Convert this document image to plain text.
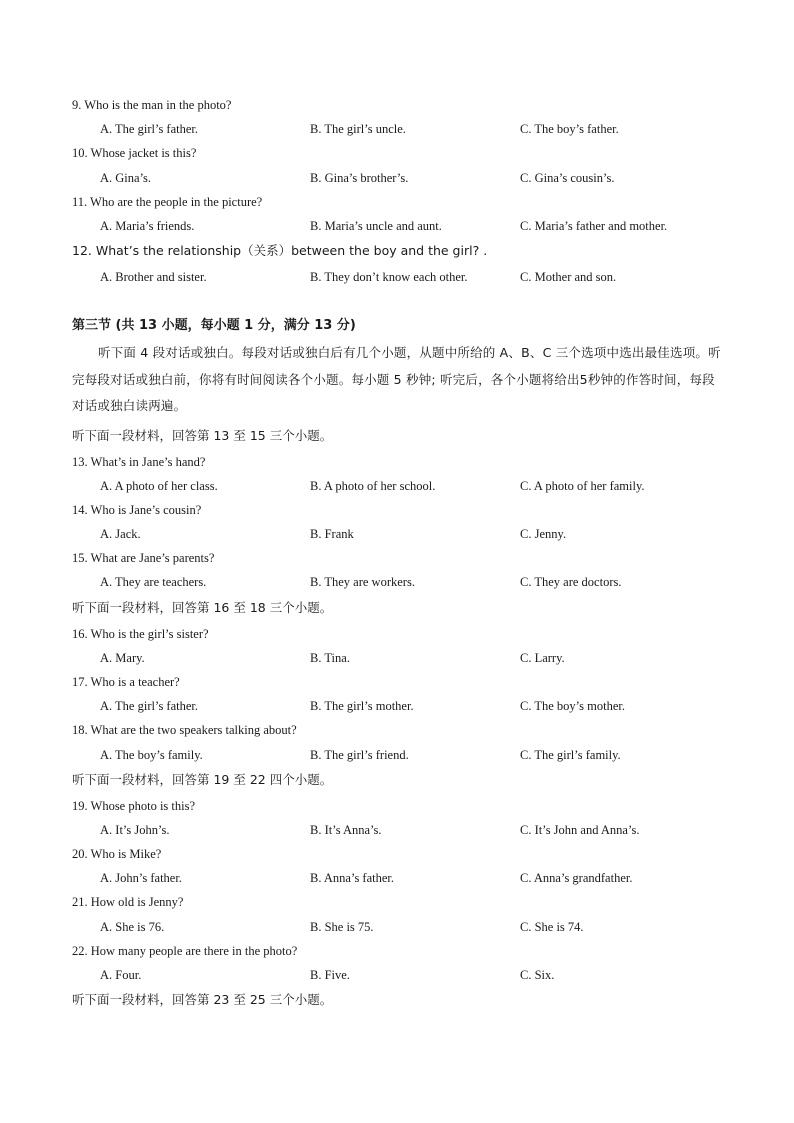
9. Who is the man in the photo?
A. The girl’s father.	B. The girl’s uncle.	C. The boy’s father.
10. Whose jacket is this?
A. Gina’s.	B. Gina’s brother’s.	C. Gina’s cousin’s.
11. Who are the people in the picture?
A. Maria’s friends.	B. Maria’s uncle and aunt.	C. Maria’s father and mother.
12. What’s the relationship（关系）between the boy and the girl? .
A. Brother and sister.	B. They don’t know each other.	C. Mother and son.
第三节 (共 13 小题，每小题 1 分，满分 13 分)
听下面 4 段对话或独白。每段对话或独白后有几个小题，从题中所给的 A、B、C 三个选项中选出最佳选项。听完每段对话或独白前，你将有时间阅读各个小题。每小题 5 秒钟; 听完后，各个小题将给出5秒钟的作答时间，每段对话或独白读两遍。
听下面一段材料，回答第 13 至 15 三个小题。
13. What’s in Jane’s hand?
A. A photo of her class.	B. A photo of her school.	C. A photo of her family.
14. Who is Jane’s cousin?
A. Jack.	B. Frank	C. Jenny.
15. What are Jane’s parents?
A. They are teachers.	B. They are workers.	C. They are doctors.
听下面一段材料，回答第 16 至 18 三个小题。
16. Who is the girl’s sister?
A. Mary.	B. Tina.	C. Larry.
17. Who is a teacher?
A. The girl’s father.	B. The girl’s mother.	C. The boy’s mother.
18. What are the two speakers talking about?
A. The boy’s family.	B. The girl’s friend.	C. The girl’s family.
听下面一段材料，回答第 19 至 22 四个小题。
19. Whose photo is this?
A. It’s John’s.	B. It’s Anna’s.	C. It’s John and Anna’s.
20. Who is Mike?
A. John’s father.	B. Anna’s father.	C. Anna’s grandfather.
21. How old is Jenny?
A. She is 76.	B. She is 75.	C. She is 74.
22. How many people are there in the photo?
A. Four.	B. Five.	C. Six.
听下面一段材料，回答第 23 至 25 三个小题。
